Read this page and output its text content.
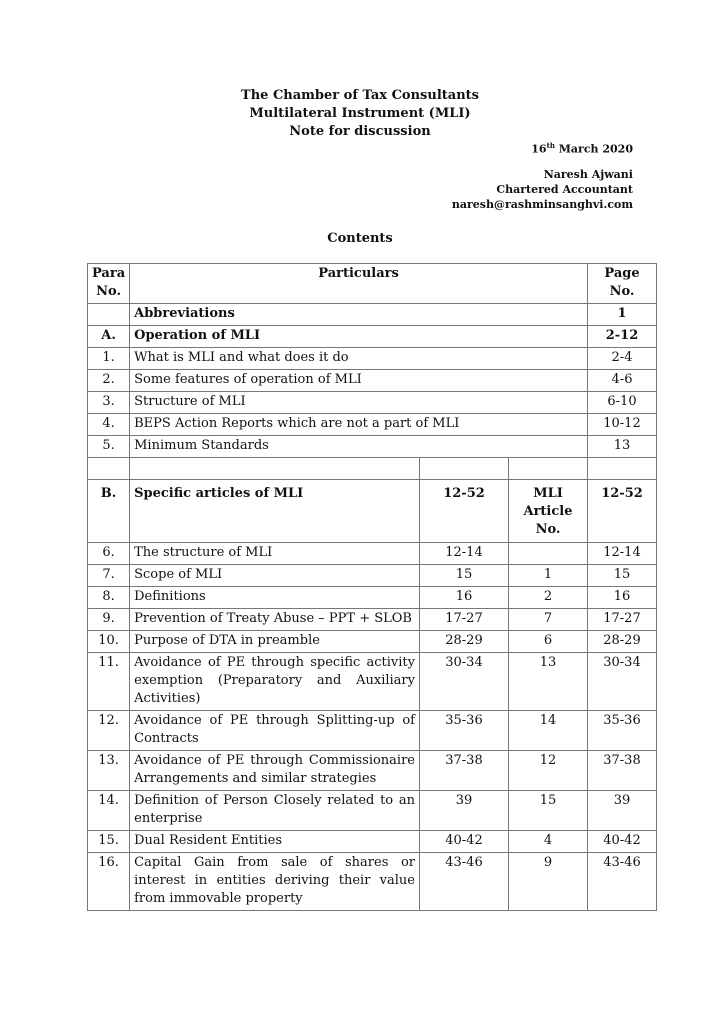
The Chamber of Tax Consultants
Multilateral Instrument (MLI)
Note for discussion
16th March 2020
Naresh Ajwani
Chartered Accountant
naresh@rashminsanghvi.com
Contents
Para No.	Particulars			Page No.
	Abbreviations			1
A.	Operation of MLI			2-12
1.	What is MLI and what does it do			2-4
2.	Some features of operation of MLI			4-6
3.	Structure of MLI			6-10
4.	BEPS Action Reports which are not a part of MLI			10-12
5.	Minimum Standards			13

B.	Specific articles of MLI	12-52	MLI Article No.	12-52
6.	The structure of MLI	12-14		12-14
7.	Scope of MLI	15	1	15
8.	Definitions	16	2	16
9.	Prevention of Treaty Abuse – PPT + SLOB	17-27	7	17-27
10.	Purpose of DTA in preamble	28-29	6	28-29
11.	Avoidance of PE through specific activity exemption (Preparatory and Auxiliary Activities)	30-34	13	30-34
12.	Avoidance of PE through Splitting-up of Contracts	35-36	14	35-36
13.	Avoidance of PE through Commissionaire Arrangements and similar strategies	37-38	12	37-38
14.	Definition of Person Closely related to an enterprise	39	15	39
15.	Dual Resident Entities	40-42	4	40-42
16.	Capital Gain from sale of shares or interest in entities deriving their value from immovable property	43-46	9	43-46
